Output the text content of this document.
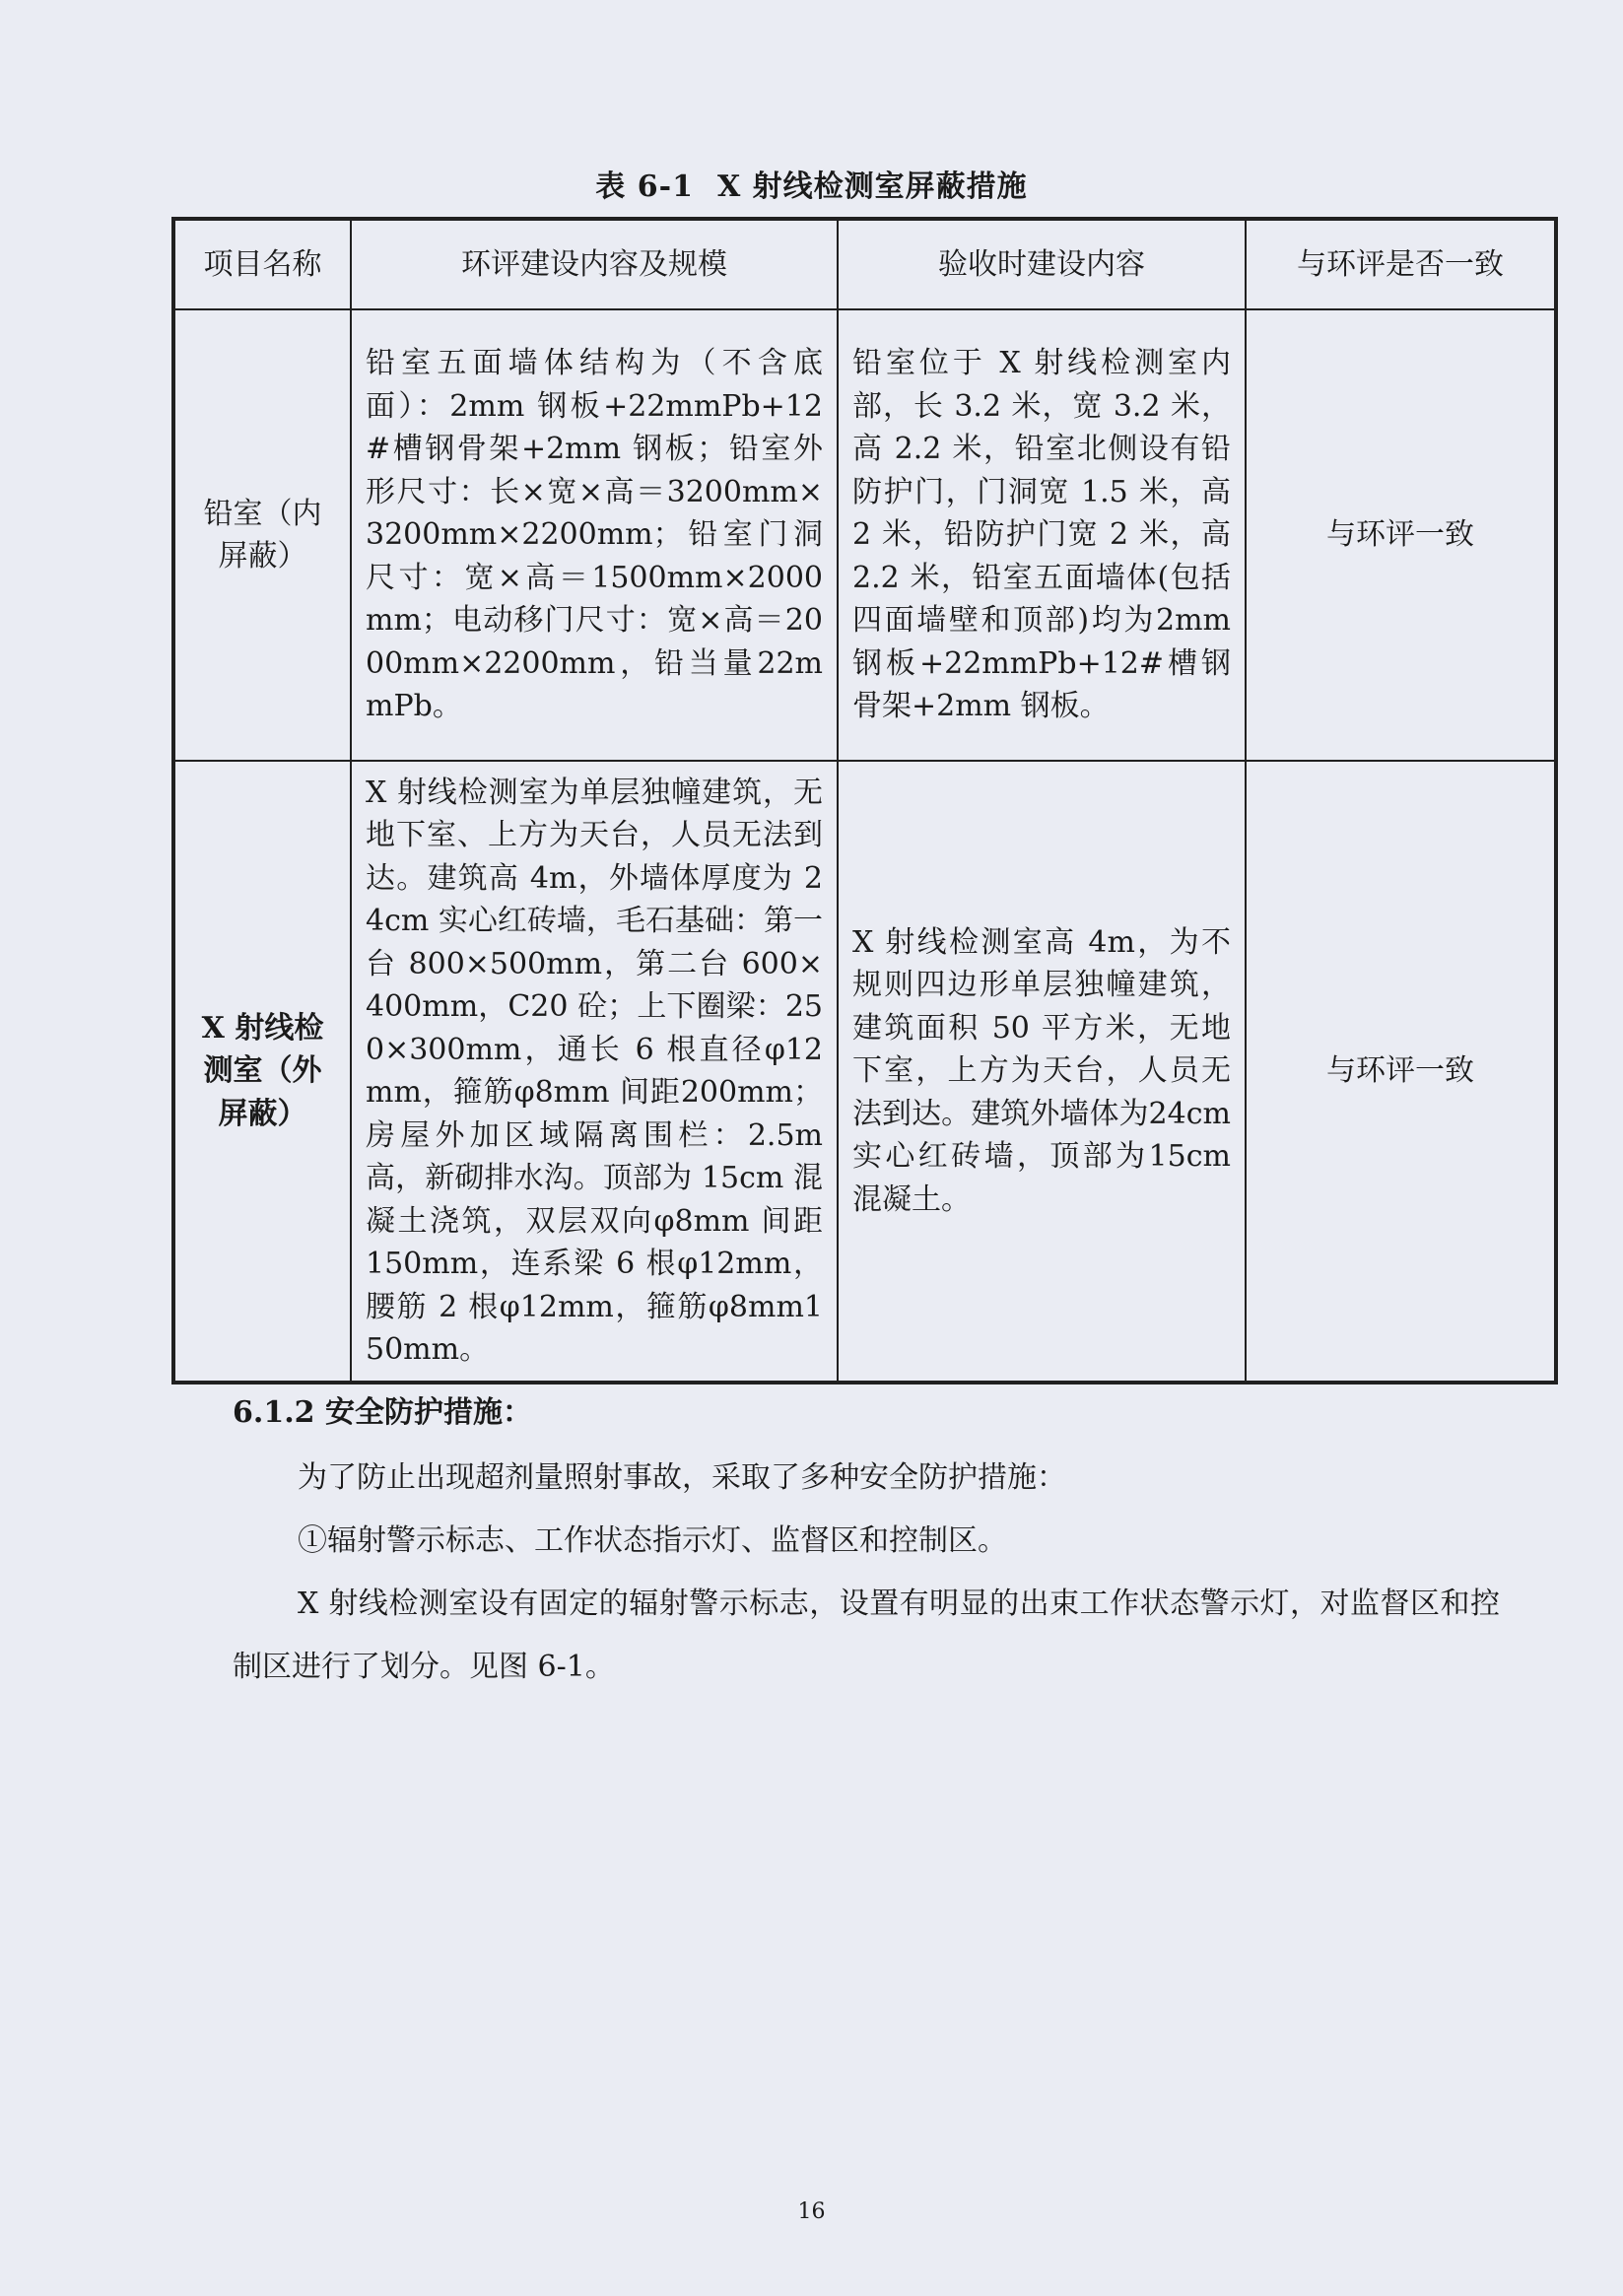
表 6-1 X 射线检测室屏蔽措施
项目名称	环评建设内容及规模	验收时建设内容	与环评是否一致
铅室（内屏蔽）	铅室五面墙体结构为（不含底面）：2mm 钢板+22mmPb+12#槽钢骨架+2mm 钢板；铅室外形尺寸：长×宽×高＝3200mm×3200mm×2200mm；铅室门洞尺寸：宽×高＝1500mm×2000mm；电动移门尺寸：宽×高＝2000mm×2200mm，铅当量22mmPb。	铅室位于 X 射线检测室内部，长 3.2 米，宽 3.2 米，高 2.2 米，铅室北侧设有铅防护门，门洞宽 1.5 米，高 2 米，铅防护门宽 2 米，高 2.2 米，铅室五面墙体(包括四面墙壁和顶部)均为2mm 钢板+22mmPb+12#槽钢骨架+2mm 钢板。	与环评一致
X 射线检测室（外屏蔽）	X 射线检测室为单层独幢建筑，无地下室、上方为天台，人员无法到达。建筑高 4m，外墙体厚度为 24cm 实心红砖墙，毛石基础：第一台 800×500mm，第二台 600×400mm，C20 砼；上下圈梁：250×300mm，通长 6 根直径φ12mm，箍筋φ8mm 间距200mm；房屋外加区域隔离围栏：2.5m 高，新砌排水沟。顶部为 15cm 混凝土浇筑，双层双向φ8mm 间距 150mm，连系梁 6 根φ12mm，腰筋 2 根φ12mm，箍筋φ8mm150mm。	X 射线检测室高 4m，为不规则四边形单层独幢建筑，建筑面积 50 平方米，无地下室，上方为天台，人员无法到达。建筑外墙体为24cm 实心红砖墙，顶部为15cm 混凝土。	与环评一致
6.1.2 安全防护措施：
为了防止出现超剂量照射事故，采取了多种安全防护措施：
①辐射警示标志、工作状态指示灯、监督区和控制区。
X 射线检测室设有固定的辐射警示标志，设置有明显的出束工作状态警示灯，对监督区和控制区进行了划分。见图 6-1。
16
